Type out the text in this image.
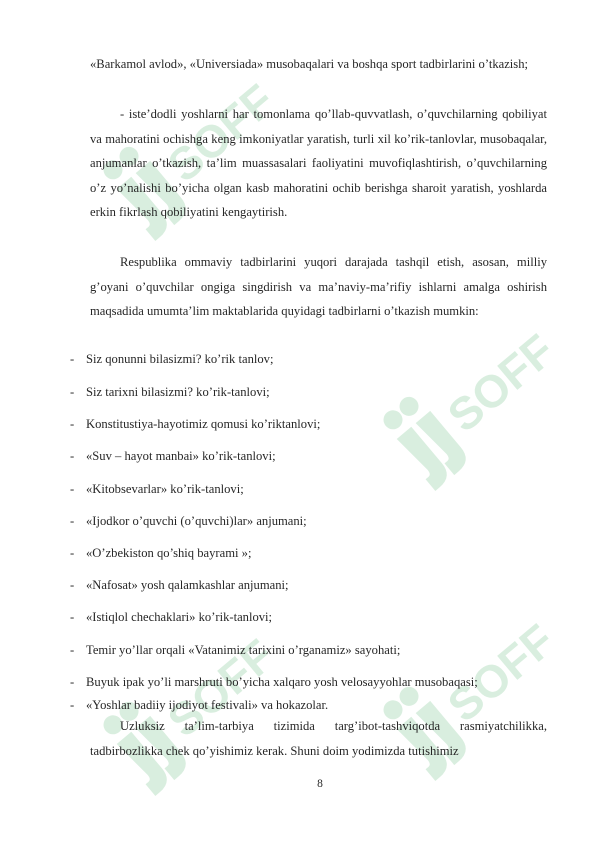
SOFF
SOFF
SOFF	SOFF

«Barkamol avlod», «Universiada» musobaqalari va boshqa sport tadbirlarini o’tkazish;

- iste’dodli yoshlarni har tomonlama qo’llab-quvvatlash, o’quvchilarning qobiliyat va mahoratini ochishga keng imkoniyatlar yaratish, turli xil ko’rik-tanlovlar, musobaqalar, anjumanlar o’tkazish, ta’lim muassasalari faoliyatini muvofiqlashtirish, o’quvchilarning o’z yo’nalishi bo’yicha olgan kasb mahoratini ochib berishga sharoit yaratish, yoshlarda erkin fikrlash qobiliyatini kengaytirish.

Respublika ommaviy tadbirlarini yuqori darajada tashqil etish, asosan, milliy g’oyani o’quvchilar ongiga singdirish va ma’naviy-ma’rifiy ishlarni amalga oshirish maqsadida umumta’lim maktablarida quyidagi tadbirlarni o’tkazish mumkin:

- Siz qonunni bilasizmi? ko’rik tanlov;
- Siz tarixni bilasizmi? ko’rik-tanlovi;
- Konstitustiya-hayotimiz qomusi ko’riktanlovi;
- «Suv – hayot manbai» ko’rik-tanlovi;
- «Kitobsevarlar» ko’rik-tanlovi;
- «Ijodkor o’quvchi (o’quvchi)lar» anjumani;
- «O’zbekiston qo’shiq bayrami »;
- «Nafosat» yosh qalamkashlar anjumani;
- «Istiqlol chechaklari» ko’rik-tanlovi;
- Temir yo’llar orqali «Vatanimiz tarixini o’rganamiz» sayohati;
- Buyuk ipak yo’li marshruti bo’yicha xalqaro yosh velosayyohlar musobaqasi;
- «Yoshlar badiiy ijodiyot festivali» va hokazolar.

Uzluksiz ta’lim-tarbiya tizimida targ’ibot-tashviqotda rasmiyatchilikka, tadbirbozlikka chek qo’yishimiz kerak. Shuni doim yodimizda tutishimiz

8
